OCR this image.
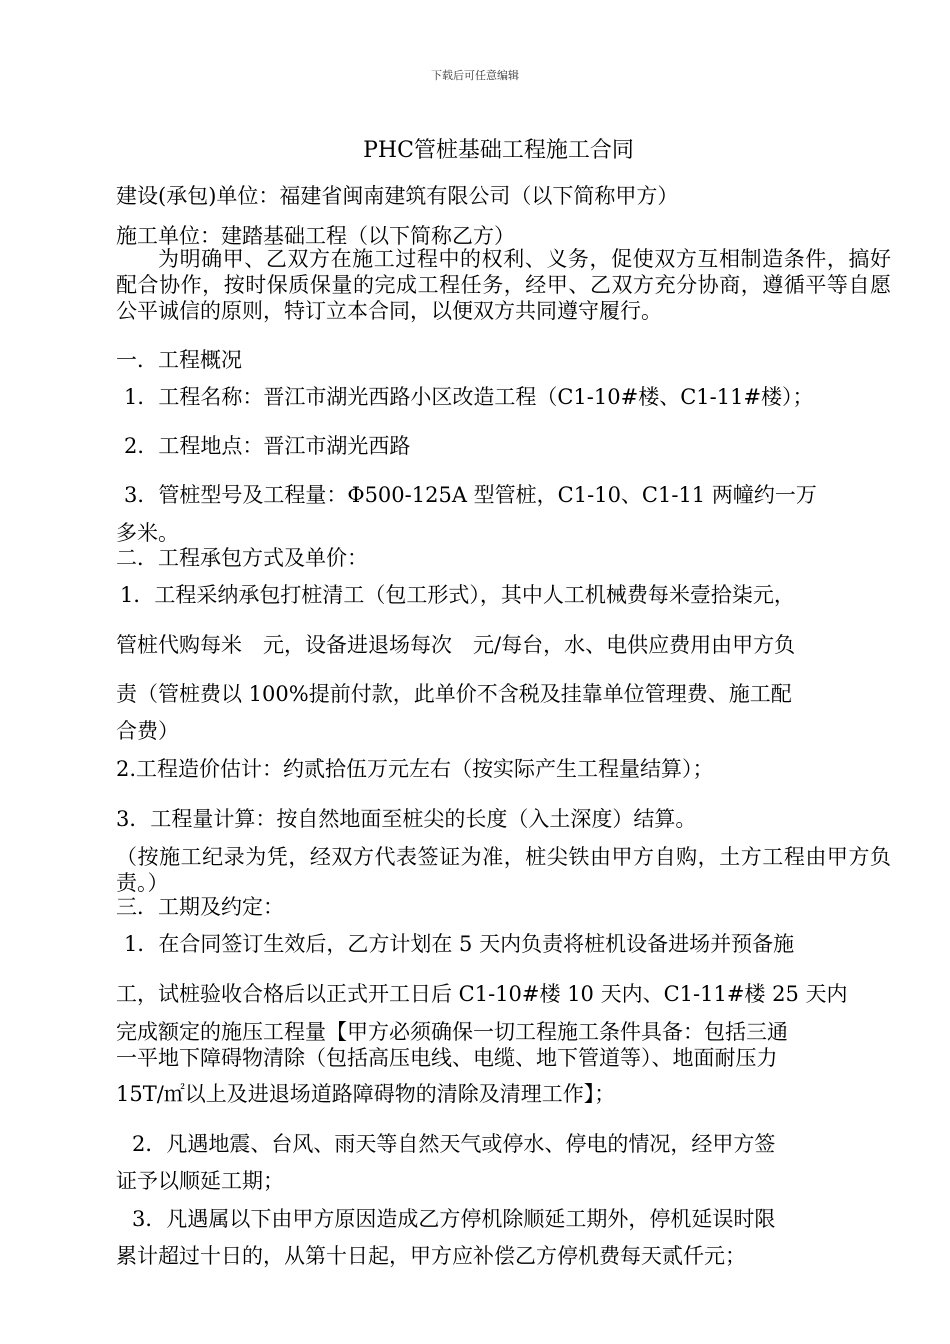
下载后可任意编辑
PHC管桩基础工程施工合同
建设(承包)单位：福建省闽南建筑有限公司（以下简称甲方）
施工单位：建踏基础工程（以下简称乙方）

为明确甲、乙双方在施工过程中的权利、义务，促使双方互相制造条件，搞好配合协作，按时保质保量的完成工程任务，经甲、乙双方充分协商，遵循平等自愿公平诚信的原则，特订立本合同，以便双方共同遵守履行。

一．工程概况
1．工程名称：晋江市湖光西路小区改造工程（C1-10#楼、C1-11#楼）；
2．工程地点：晋江市湖光西路
3．管桩型号及工程量：Φ500-125A 型管桩，C1-10、C1-11 两幢约一万
多米。
二．工程承包方式及单价：
1．工程采纳承包打桩清工（包工形式），其中人工机械费每米壹拾柒元，
管桩代购每米　元，设备进退场每次　元/每台，水、电供应费用由甲方负
责（管桩费以 100%提前付款，此单价不含税及挂靠单位管理费、施工配
合费）
2.工程造价估计：约贰拾伍万元左右（按实际产生工程量结算）；
3．工程量计算：按自然地面至桩尖的长度（入土深度）结算。

（按施工纪录为凭，经双方代表签证为准，桩尖铁由甲方自购，土方工程由甲方负责。）

三．工期及约定：
1．在合同签订生效后，乙方计划在 5 天内负责将桩机设备进场并预备施
工，试桩验收合格后以正式开工日后 C1-10#楼 10 天内、C1-11#楼 25 天内
完成额定的施压工程量【甲方必须确保一切工程施工条件具备：包括三通
一平地下障碍物清除（包括高压电线、电缆、地下管道等）、地面耐压力
15T/㎡以上及进退场道路障碍物的清除及清理工作】；
2．凡遇地震、台风、雨天等自然天气或停水、停电的情况，经甲方签
证予以顺延工期；
3．凡遇属以下由甲方原因造成乙方停机除顺延工期外，停机延误时限
累计超过十日的，从第十日起，甲方应补偿乙方停机费每天贰仟元；
